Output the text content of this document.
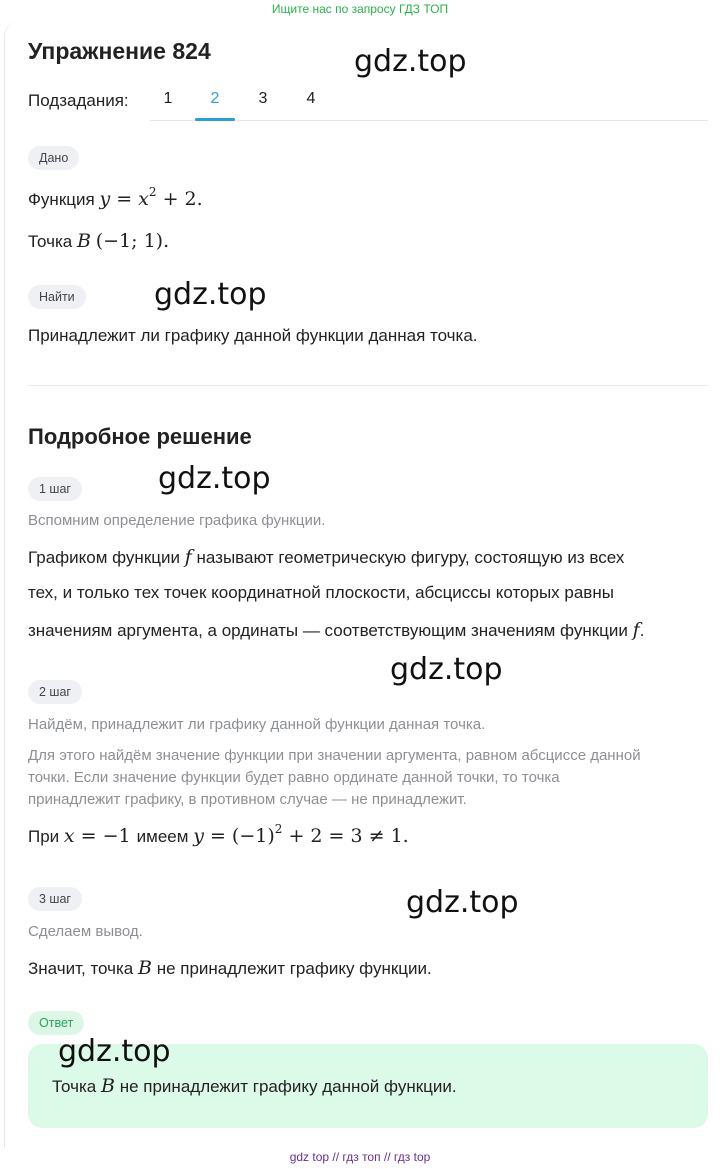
Ищите нас по запросу ГДЗ ТОП
Упражнение 824	gdz.top
Подзадания:	1	2	3	4
Дано
Функция $y = x^2 + 2$.
Точка B (−1; 1).
Найти	gdz.top
Принадлежит ли графику данной функции данная точка.
Подробное решение
1 шаг	gdz.top
Вспомним определение графика функции.
Графиком функции f называют геометрическую фигуру, состоящую из всех
тех, и только тех точек координатной плоскости, абсциссы которых равны
значениям аргумента, а ординаты — соответствующим значениям функции f.
gdz.top
2 шаг
Найдём, принадлежит ли графику данной функции данная точка.
Для этого найдём значение функции при значении аргумента, равном абсциссе данной
точки. Если значение функции будет равно ординате данной точки, то точка
принадлежит графику, в противном случае — не принадлежит.
При x = −1 имеем $y = (-1)^2 + 2 = 3 \ne 1$.
3 шаг	gdz.top
Сделаем вывод.
Значит, точка B не принадлежит графику функции.
Ответ
Точка B не принадлежит графику данной функции.
gdz.top
gdz top // гдз топ // гдз top
